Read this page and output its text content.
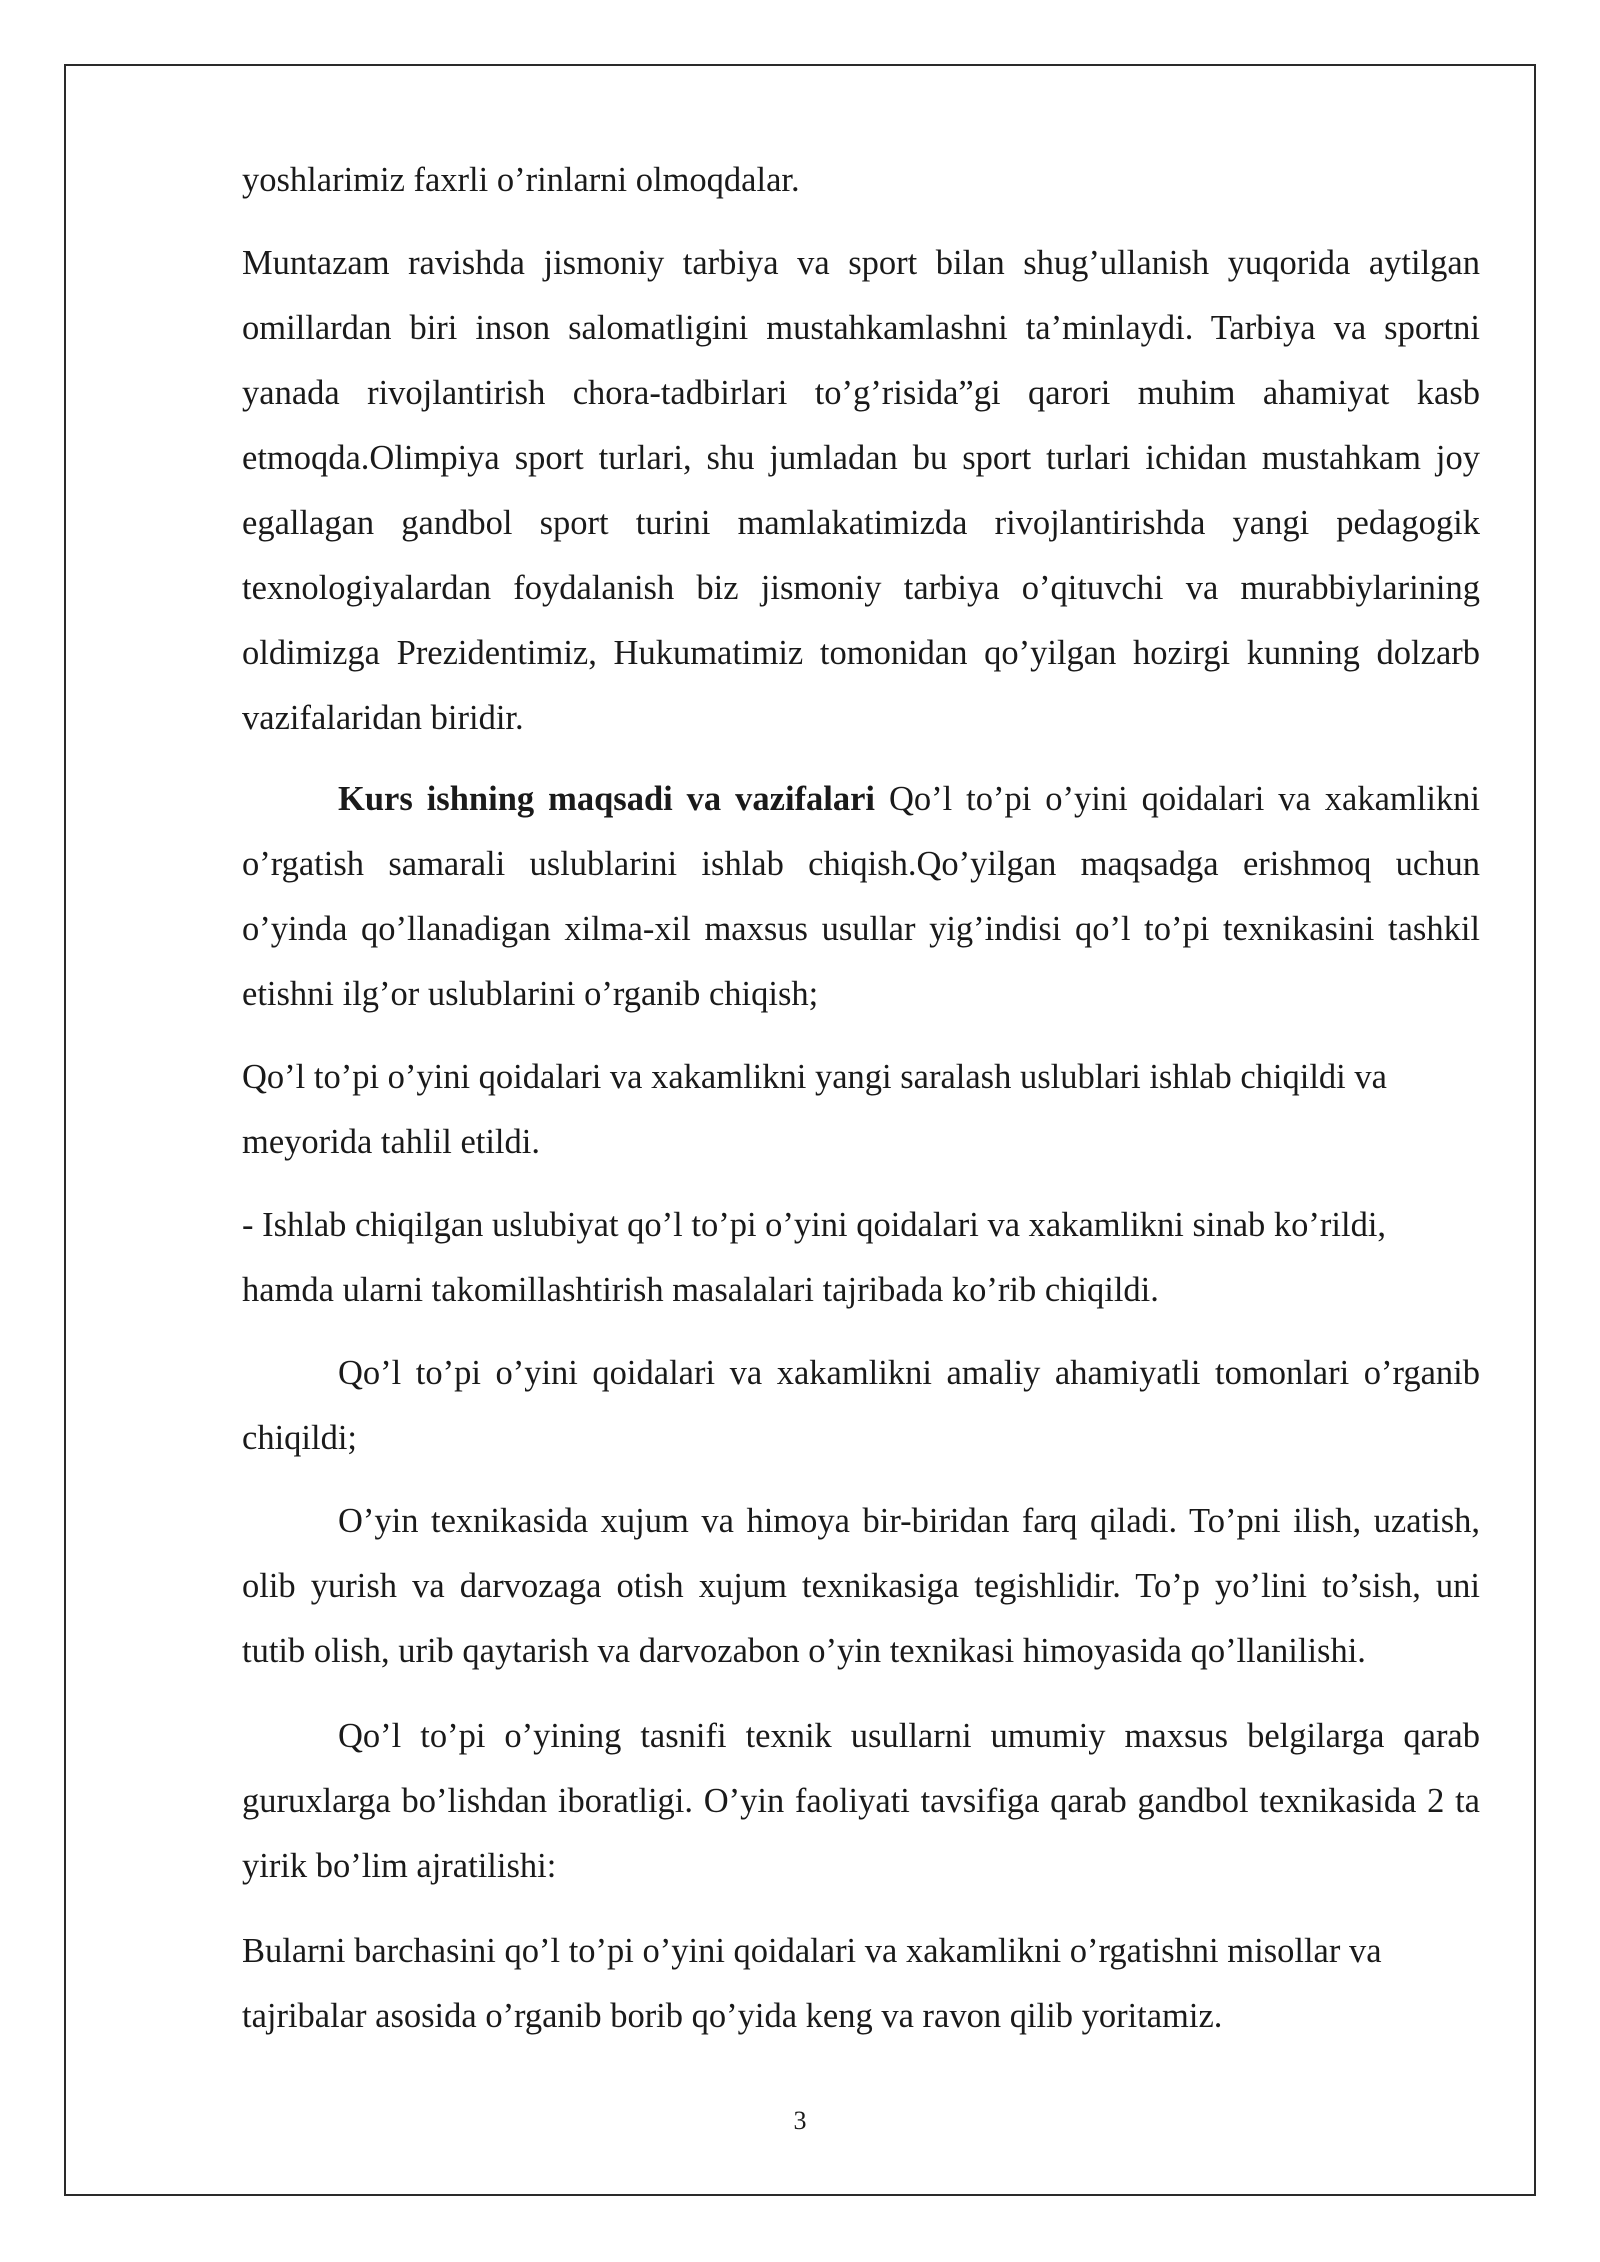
yoshlarimiz faxrli o’rinlarni olmoqdalar.

Muntazam ravishda jismoniy tarbiya va sport bilan shug’ullanish yuqorida aytilgan omillardan biri inson salomatligini mustahkamlashni ta’minlaydi. Tarbiya va sportni yanada rivojlantirish chora-tadbirlari to’g’risida”gi qarori muhim ahamiyat kasb etmoqda.Olimpiya sport turlari, shu jumladan bu sport turlari ichidan mustahkam joy egallagan gandbol sport turini mamlakatimizda rivojlantirishda yangi pedagogik texnologiyalardan foydalanish biz jismoniy tarbiya o’qituvchi va murabbiylarining oldimizga Prezidentimiz, Hukumatimiz tomonidan qo’yilgan hozirgi kunning dolzarb vazifalaridan biridir.

Kurs ishning maqsadi va vazifalari Qo’l to’pi o’yini qoidalari va xakamlikni o’rgatish samarali uslublarini ishlab chiqish.Qo’yilgan maqsadga erishmoq uchun o’yinda qo’llanadigan xilma-xil maxsus usullar yig’indisi qo’l to’pi texnikasini tashkil etishni ilg’or uslublarini o’rganib chiqish;

Qo’l to’pi o’yini qoidalari va xakamlikni yangi saralash uslublari ishlab chiqildi va meyorida tahlil etildi.

- Ishlab chiqilgan uslubiyat qo’l to’pi o’yini qoidalari va xakamlikni sinab ko’rildi, hamda ularni takomillashtirish masalalari tajribada ko’rib chiqildi.

Qo’l to’pi o’yini qoidalari va xakamlikni amaliy ahamiyatli tomonlari o’rganib chiqildi;

O’yin texnikasida xujum va himoya bir-biridan farq qiladi. To’pni ilish, uzatish, olib yurish va darvozaga otish xujum texnikasiga tegishlidir. To’p yo’lini to’sish, uni tutib olish, urib qaytarish va darvozabon o’yin texnikasi himoyasida qo’llanilishi.

Qo’l to’pi o’yining tasnifi texnik usullarni umumiy maxsus belgilarga qarab guruxlarga bo’lishdan iboratligi. O’yin faoliyati tavsifiga qarab gandbol texnikasida 2 ta yirik bo’lim ajratilishi:

Bularni barchasini qo’l to’pi o’yini qoidalari va xakamlikni o’rgatishni misollar va tajribalar asosida o’rganib borib qo’yida keng va ravon qilib yoritamiz.

3
